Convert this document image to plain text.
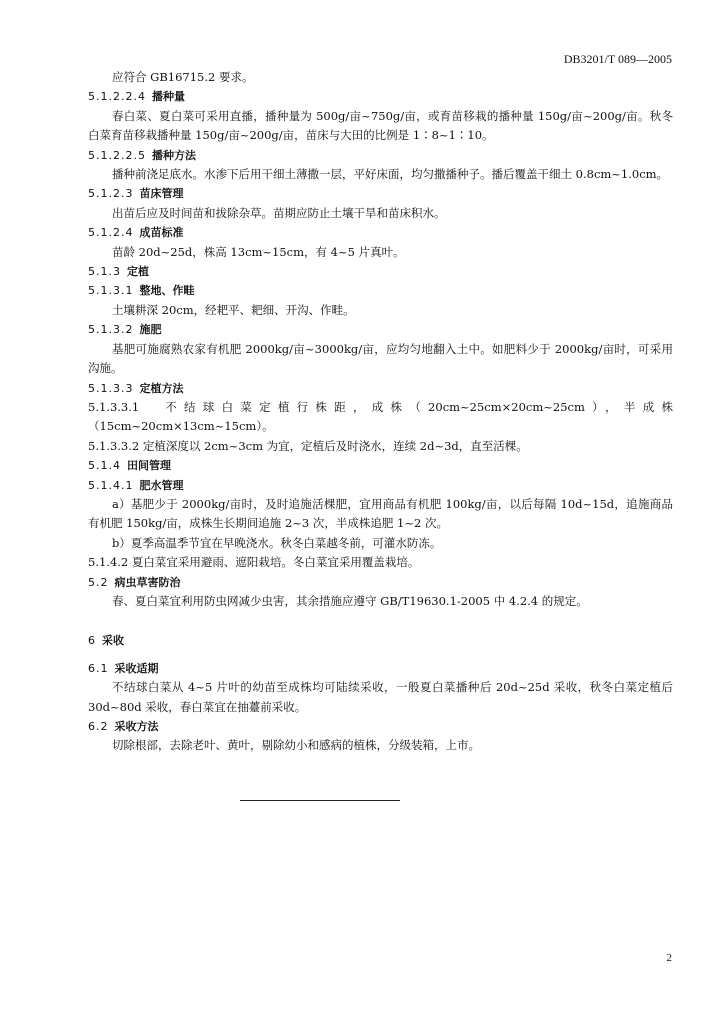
DB3201/T 089—2005
应符合 GB16715.2 要求。
5.1.2.2.4 播种量
春白菜、夏白菜可采用直播，播种量为 500g/亩~750g/亩，或育苗移栽的播种量 150g/亩~200g/亩。秋冬白菜育苗移栽播种量 150g/亩~200g/亩，苗床与大田的比例是 1∶8~1∶10。
5.1.2.2.5 播种方法
播种前浇足底水。水渗下后用干细土薄撒一层，平好床面，均匀撒播种子。播后覆盖干细土 0.8cm~1.0cm。
5.1.2.3 苗床管理
出苗后应及时间苗和拔除杂草。苗期应防止土壤干旱和苗床积水。
5.1.2.4 成苗标准
苗龄 20d~25d，株高 13cm~15cm，有 4~5 片真叶。
5.1.3 定植
5.1.3.1 整地、作畦
土壤耕深 20cm，经耙平、耙细、开沟、作畦。
5.1.3.2 施肥
基肥可施腐熟农家有机肥 2000kg/亩~3000kg/亩，应均匀地翻入土中。如肥料少于 2000kg/亩时，可采用沟施。
5.1.3.3 定植方法
5.1.3.3.1　不结球白菜定植行株距，成株（20cm~25cm×20cm~25cm），半成株
（15cm~20cm×13cm~15cm）。
5.1.3.3.2 定植深度以 2cm~3cm 为宜，定植后及时浇水，连续 2d~3d，直至活棵。
5.1.4 田间管理
5.1.4.1 肥水管理
a）基肥少于 2000kg/亩时，及时追施活棵肥，宜用商品有机肥 100kg/亩，以后每隔 10d~15d，追施商品有机肥 150kg/亩，成株生长期间追施 2~3 次，半成株追肥 1~2 次。
b）夏季高温季节宜在早晚浇水。秋冬白菜越冬前，可灌水防冻。
5.1.4.2 夏白菜宜采用避雨、遮阳栽培。冬白菜宜采用覆盖栽培。
5.2 病虫草害防治
春、夏白菜宜利用防虫网减少虫害，其余措施应遵守 GB/T19630.1-2005 中 4.2.4 的规定。
6 采收
6.1 采收适期
不结球白菜从 4~5 片叶的幼苗至成株均可陆续采收，一般夏白菜播种后 20d~25d 采收，秋冬白菜定植后 30d~80d 采收，春白菜宜在抽薹前采收。
6.2 采收方法
切除根部，去除老叶、黄叶，剔除幼小和感病的植株，分级装箱，上市。
2
